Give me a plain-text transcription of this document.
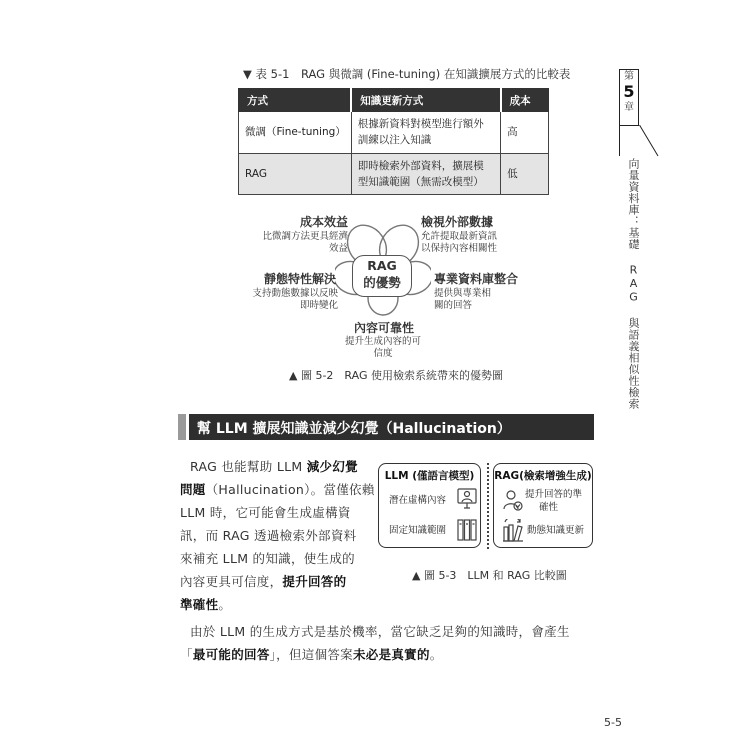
▼ 表 5-1　RAG 與微調 (Fine-tuning) 在知識擴展方式的比較表
方式	知識更新方式	成本
微調（Fine-tuning）	根據新資料對模型進行額外訓練以注入知識	高
RAG	即時檢索外部資料，擴展模型知識範圍（無需改模型）	低
RAG
的優勢
成本效益
比微調方法更具經濟效益
檢視外部數據
允許提取最新資訊以保持內容相關性
靜態特性解決
支持動態數據以反映即時變化
專業資料庫整合
提供與專業相關的回答
內容可靠性
提升生成內容的可信度
▲ 圖 5-2　RAG 使用檢索系統帶來的優勢圖
幫 LLM 擴展知識並減少幻覺（Hallucination）
RAG 也能幫助 LLM 減少幻覺
問題（Hallucination）。當僅依賴
LLM 時，它可能會生成虛構資
訊，而 RAG 透過檢索外部資料
來補充 LLM 的知識，使生成的
內容更具可信度，提升回答的
準確性。
LLM (僅語言模型)
潛在虛構內容
固定知識範圍
RAG(檢索增強生成)
提升回答的準
確性
動態知識更新
▲ 圖 5-3　LLM 和 RAG 比較圖
由於 LLM 的生成方式是基於機率，當它缺乏足夠的知識時，會產生
「最可能的回答」，但這個答案未必是真實的。
第
5
章
向量資料庫：基礎 RAG 與語義相似性檢索
5-5
